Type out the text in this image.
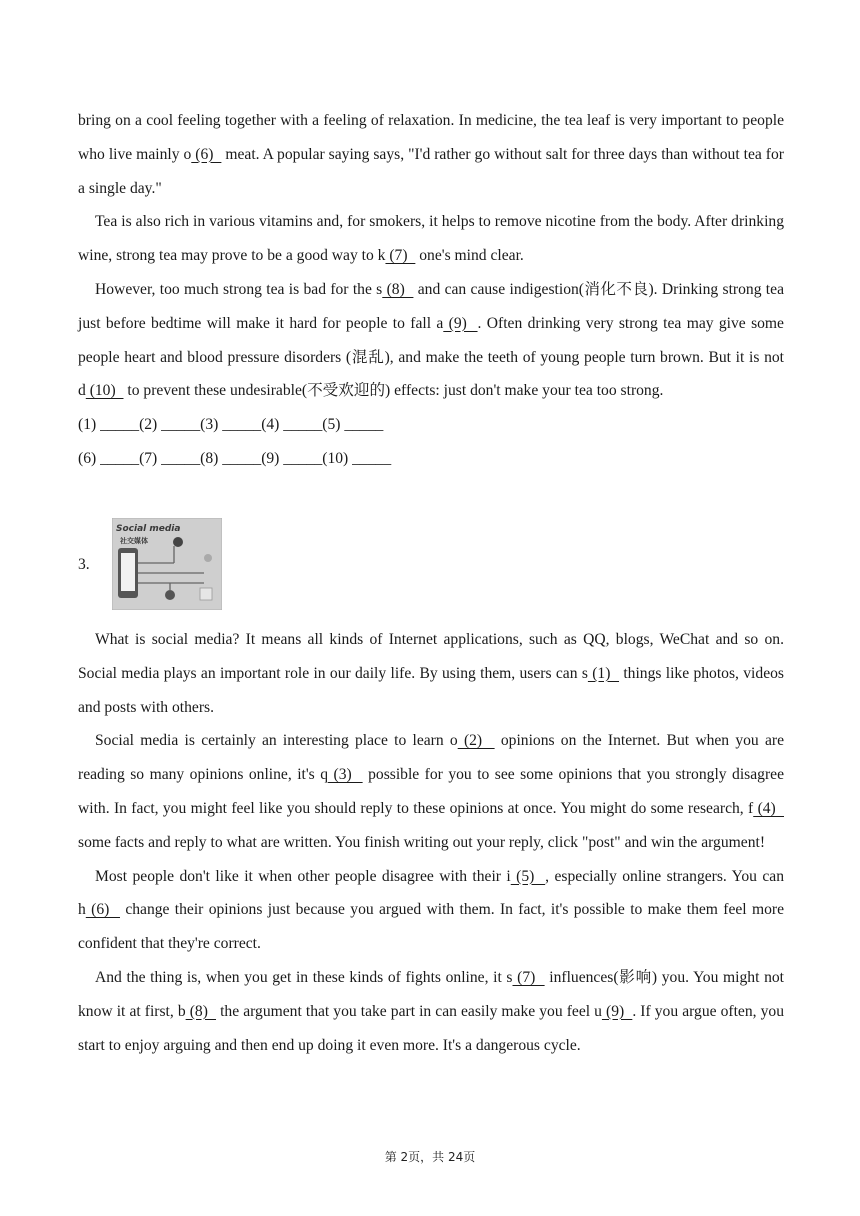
bring on a cool feeling together with a feeling of relaxation. In medicine, the tea leaf is very important to people who live mainly o (6)   meat. A popular saying says, "I'd rather go without salt for three days than without tea for a single day."

Tea is also rich in various vitamins and, for smokers, it helps to remove nicotine from the body. After drinking wine, strong tea may prove to be a good way to k (7)   one's mind clear.

However, too much strong tea is bad for the s (8)   and can cause indigestion(消化不良). Drinking strong tea just before bedtime will make it hard for people to fall a (9)  . Often drinking very strong tea may give some people heart and blood pressure disorders (混乱), and make the teeth of young people turn brown. But it is not d (10)   to prevent these undesirable(不受欢迎的) effects: just don't make your tea too strong.

(1) _____(2) _____(3) _____(4) _____(5) _____

(6) _____(7) _____(8) _____(9) _____(10) _____

3.
Social media
社交媒体

What is social media? It means all kinds of Internet applications, such as QQ, blogs, WeChat and so on. Social media plays an important role in our daily life. By using them, users can s (1)   things like photos, videos and posts with others.

Social media is certainly an interesting place to learn o (2)   opinions on the Internet. But when you are reading so many opinions online, it's q (3)   possible for you to see some opinions that you strongly disagree with. In fact, you might feel like you should reply to these opinions at once. You might do some research, f (4)   some facts and reply to what are written. You finish writing out your reply, click "post" and win the argument!

Most people don't like it when other people disagree with their i (5)  , especially online strangers. You can h (6)   change their opinions just because you argued with them. In fact, it's possible to make them feel more confident that they're correct.

And the thing is, when you get in these kinds of fights online, it s (7)   influences(影响) you. You might not know it at first, b (8)   the argument that you take part in can easily make you feel u (9)  . If you argue often, you start to enjoy arguing and then end up doing it even more. It's a dangerous cycle.

第 2页，共 24页
